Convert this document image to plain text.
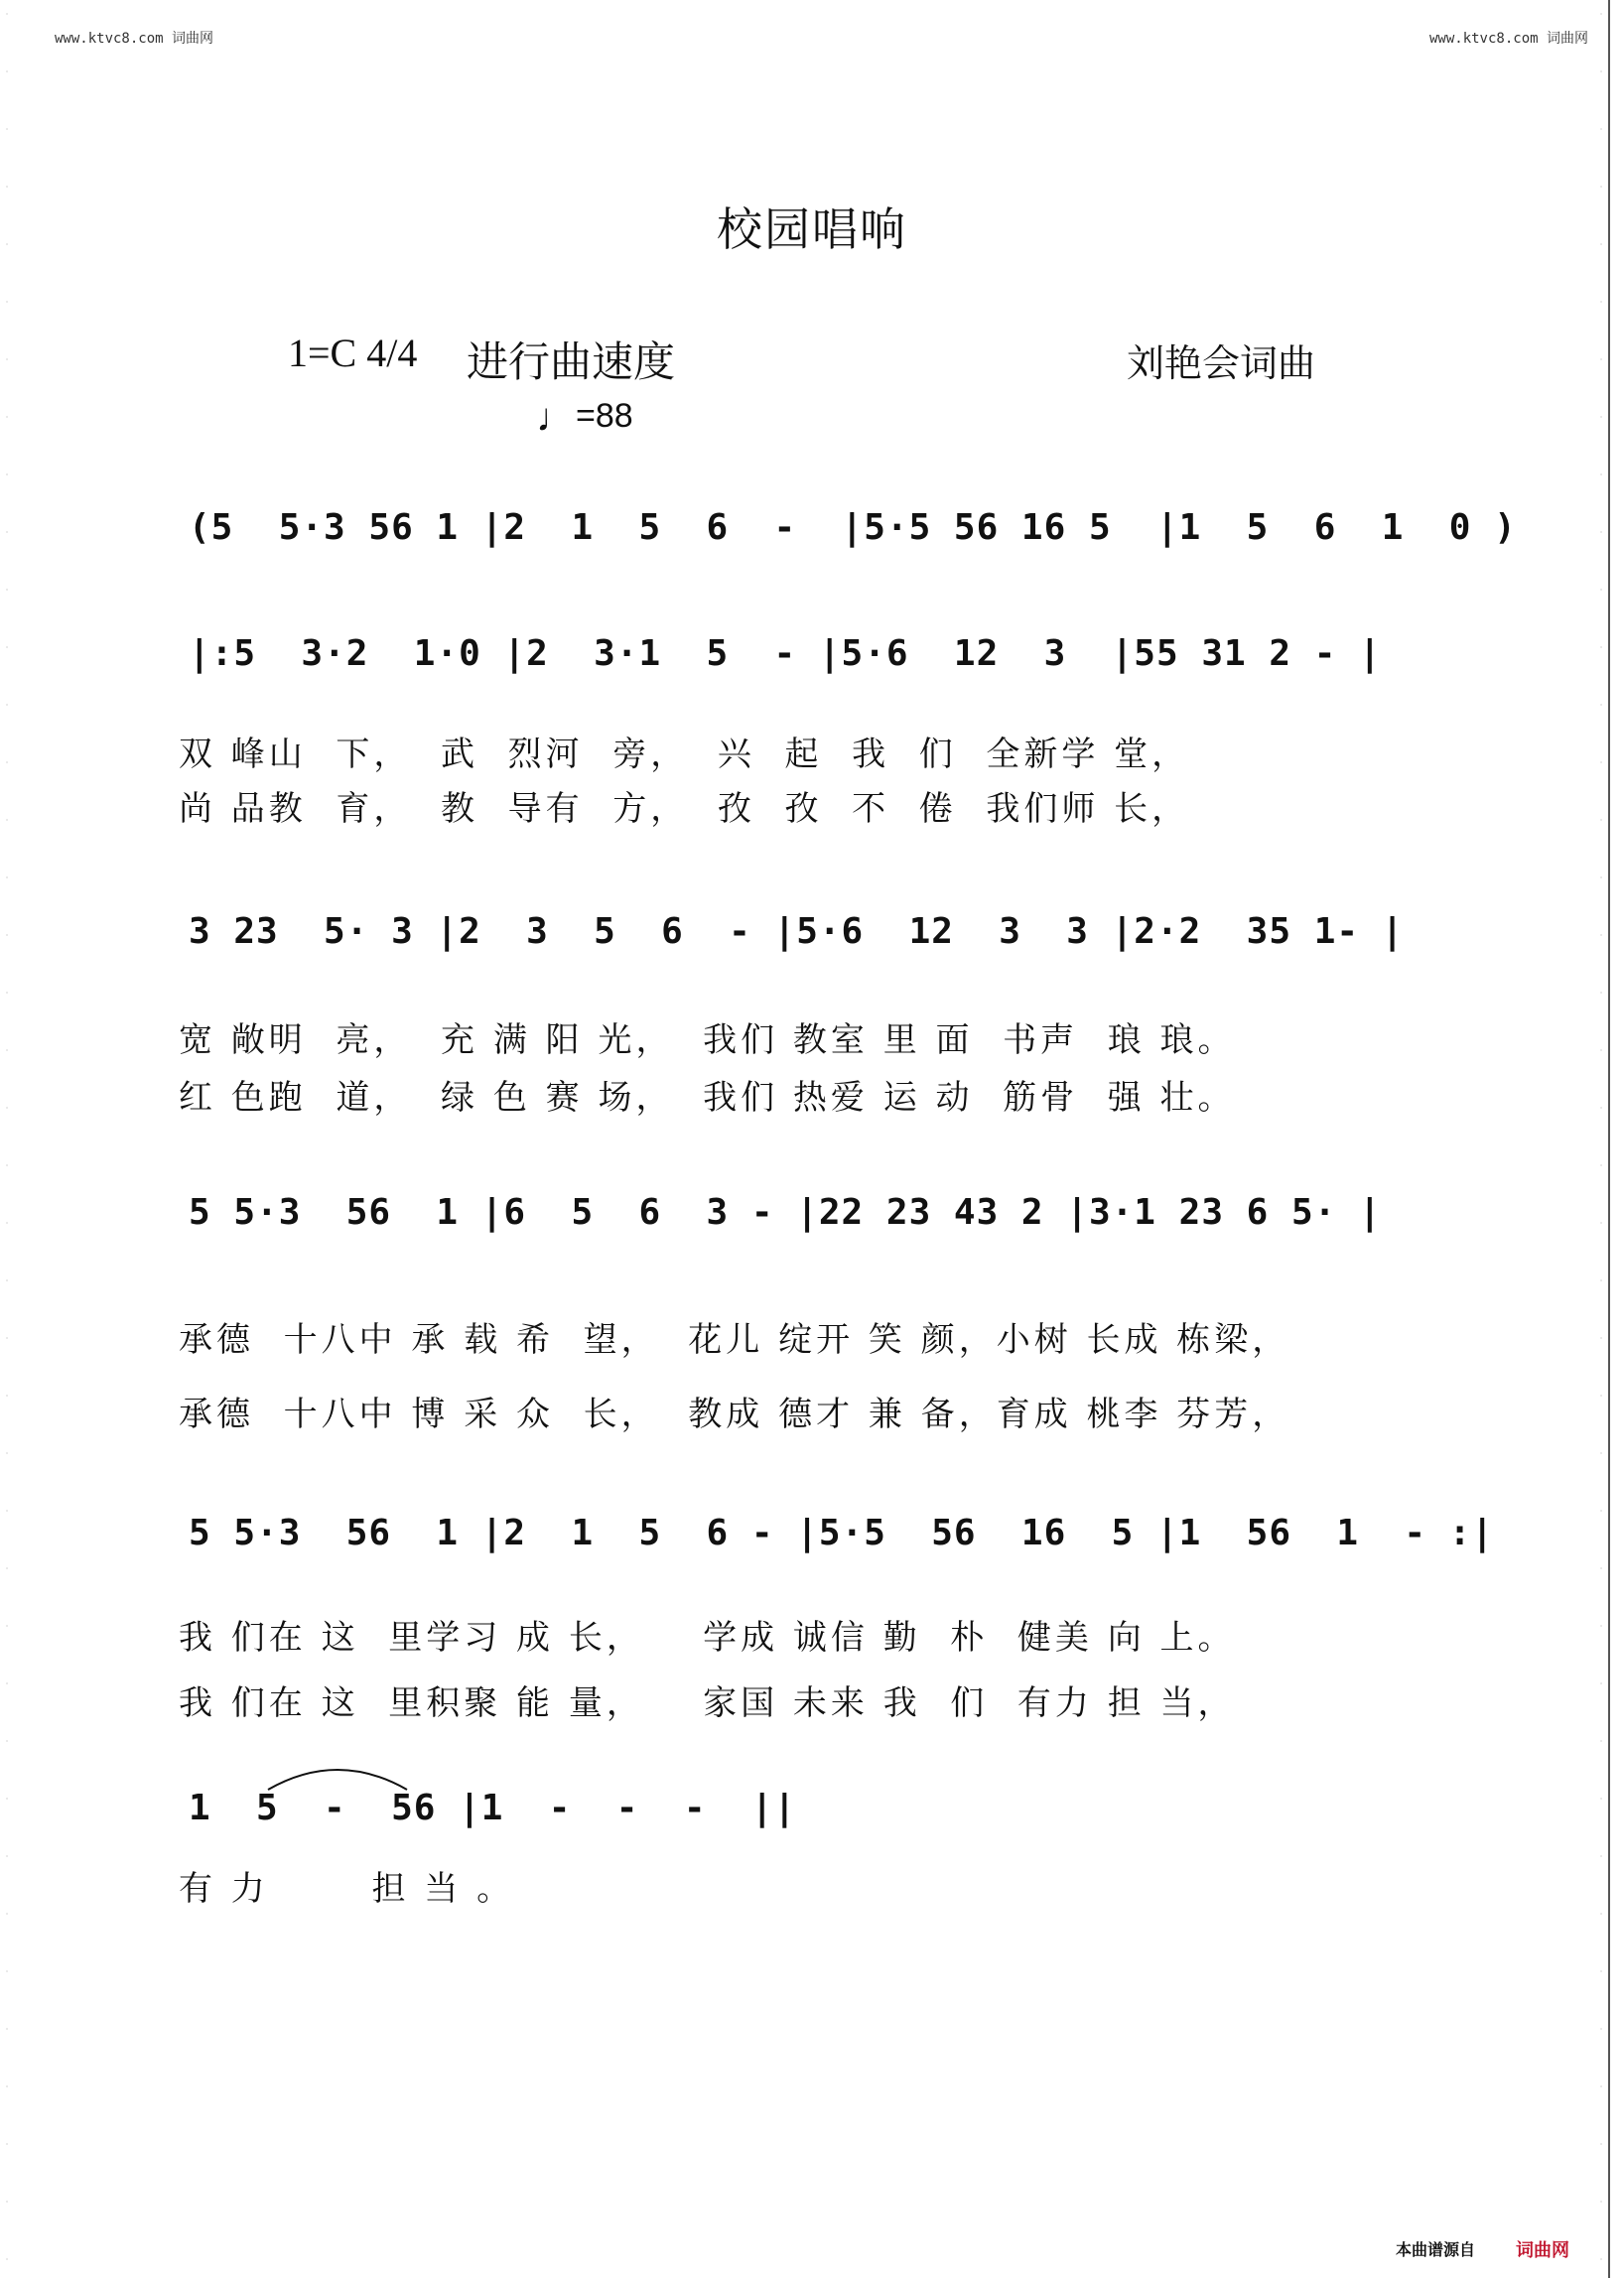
·
·
·
·
·
·
·
·
·
·
·
·
·
·
·
·
·
·
·
·
·
·
·
·
·
·
·
·
·
·
·
·
·
·
·
·
·
·
·
·
·
·
·
·
·
·
·
·
·
·
·
·
·
·
·
·
·
·
·
·
·
·
·
·
·
·
·
·
·
·
·
·
·
·
·
·
·
·
·
·
www.ktvc8.com 词曲网	www.ktvc8.com 词曲网
校园唱响
1=C 4/4 进行曲速度	刘艳会词曲
♩=88
(5  5·3 56 1 |2  1  5  6  -  |5·5 56 16 5  |1  5  6  1  0 )
|:5  3·2  1·0 |2  3·1  5  - |5·6  12  3  |55 31 2 - |
双 峰山  下，  武  烈河  旁，  兴  起  我  们  全新学 堂，
尚 品教  育，  教  导有  方，  孜  孜  不  倦  我们师 长，
3 23  5· 3 |2  3  5  6  - |5·6  12  3  3 |2·2  35 1- |
宽 敞明  亮，  充 满 阳 光，  我们 教室 里 面  书声  琅 琅。
红 色跑  道，  绿 色 赛 场，  我们 热爱 运 动  筋骨  强 壮。
5 5·3  56  1 |6  5  6  3 - |22 23 43 2 |3·1 23 6 5· |
承德  十八中 承 载 希  望，  花儿 绽开 笑 颜，小树 长成 栋梁，
承德  十八中 博 采 众  长，  教成 德才 兼 备，育成 桃李 芬芳，
5 5·3  56  1 |2  1  5  6 - |5·5  56  16  5 |1  56  1  - :|
我 们在 这  里学习 成 长，    学成 诚信 勤  朴  健美 向 上。
我 们在 这  里积聚 能 量，    家国 未来 我  们  有力 担 当，
1  5  -  56 |1  -  -  -  ||
有 力       担 当 。
本曲谱源自 词曲网
